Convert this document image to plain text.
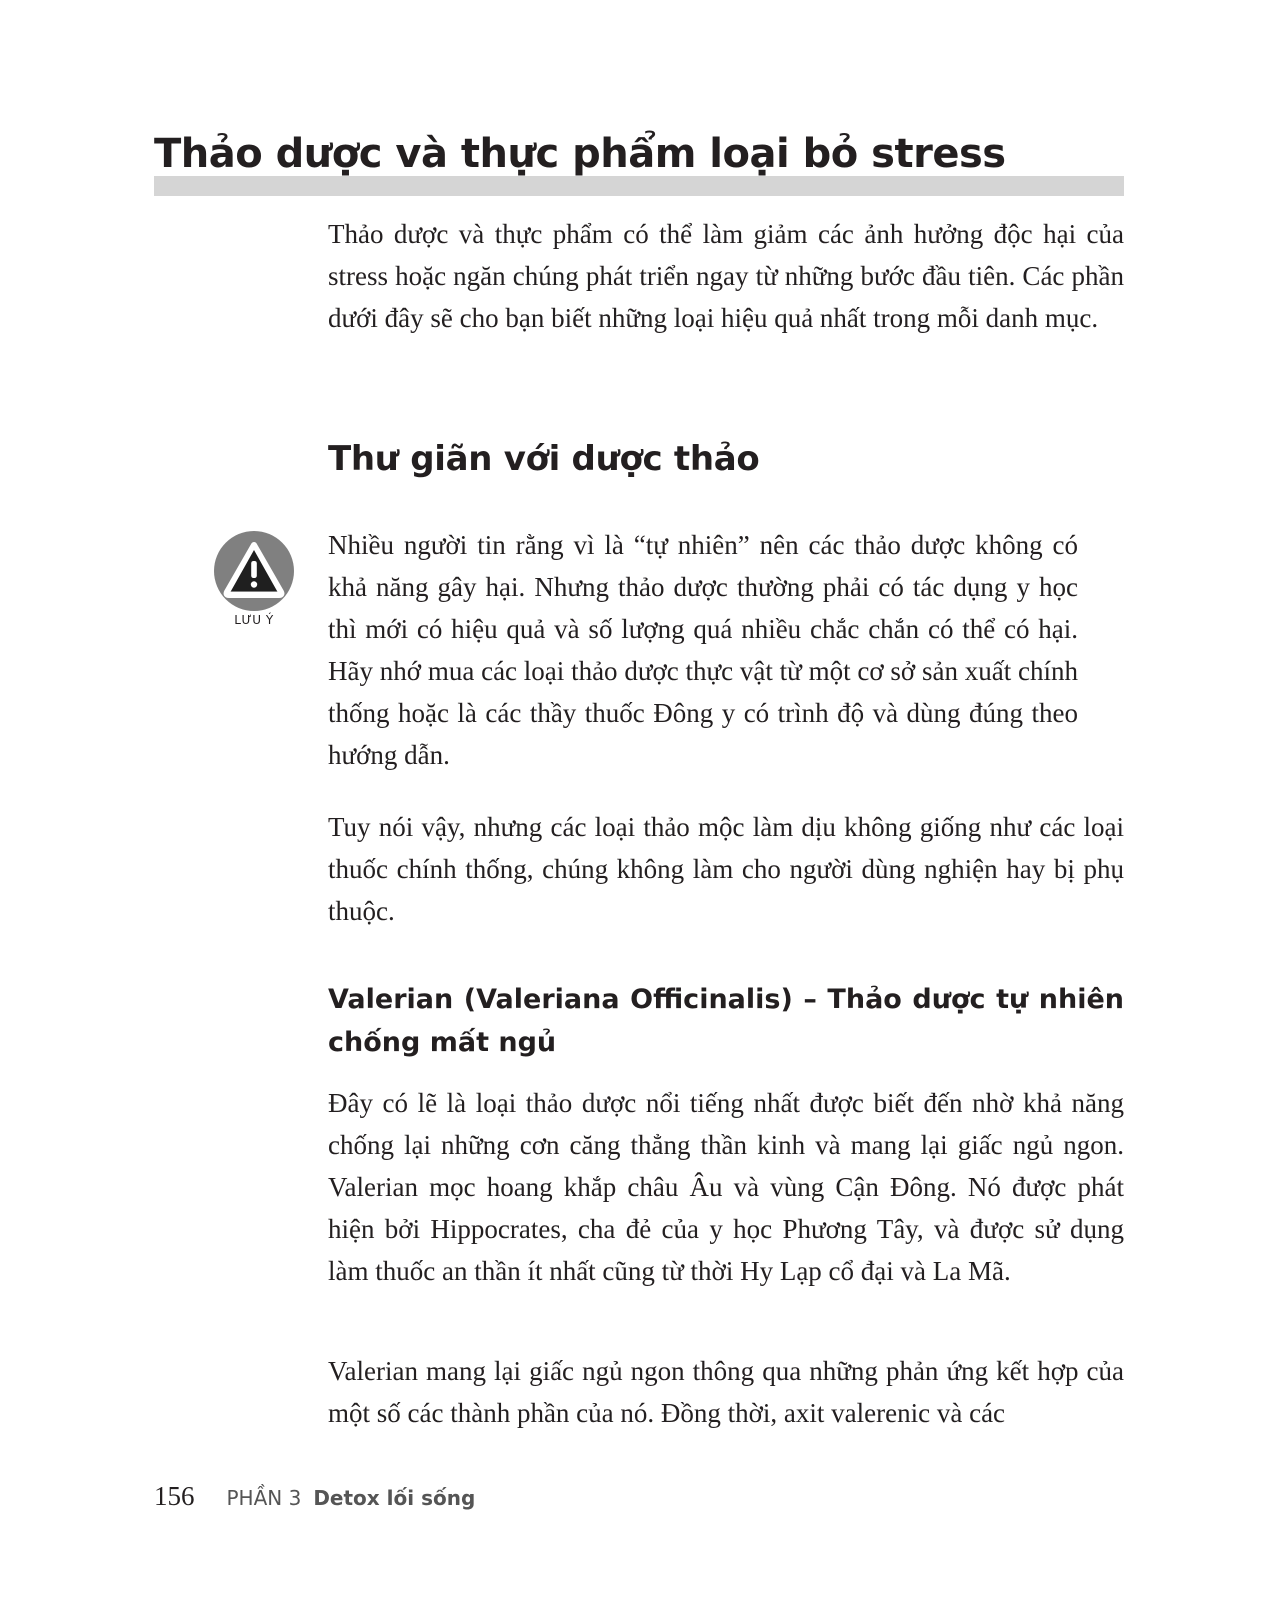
Thảo dược và thực phẩm loại bỏ stress

Thảo dược và thực phẩm có thể làm giảm các ảnh hưởng độc hại của stress hoặc ngăn chúng phát triển ngay từ những bước đầu tiên. Các phần dưới đây sẽ cho bạn biết những loại hiệu quả nhất trong mỗi danh mục.

Thư giãn với dược thảo
LƯU Ý

Nhiều người tin rằng vì là “tự nhiên” nên các thảo dược không có khả năng gây hại. Nhưng thảo dược thường phải có tác dụng y học thì mới có hiệu quả và số lượng quá nhiều chắc chắn có thể có hại. Hãy nhớ mua các loại thảo dược thực vật từ một cơ sở sản xuất chính thống hoặc là các thầy thuốc Đông y có trình độ và dùng đúng theo hướng dẫn.

Tuy nói vậy, nhưng các loại thảo mộc làm dịu không giống như các loại thuốc chính thống, chúng không làm cho người dùng nghiện hay bị phụ thuộc.

Valerian (Valeriana Officinalis) – Thảo dược tự nhiên chống mất ngủ

Đây có lẽ là loại thảo dược nổi tiếng nhất được biết đến nhờ khả năng chống lại những cơn căng thẳng thần kinh và mang lại giấc ngủ ngon. Valerian mọc hoang khắp châu Âu và vùng Cận Đông. Nó được phát hiện bởi Hippocrates, cha đẻ của y học Phương Tây, và được sử dụng làm thuốc an thần ít nhất cũng từ thời Hy Lạp cổ đại và La Mã.

Valerian mang lại giấc ngủ ngon thông qua những phản ứng kết hợp của một số các thành phần của nó. Đồng thời, axit valerenic và các

156 PHẦN 3 Detox lối sống
